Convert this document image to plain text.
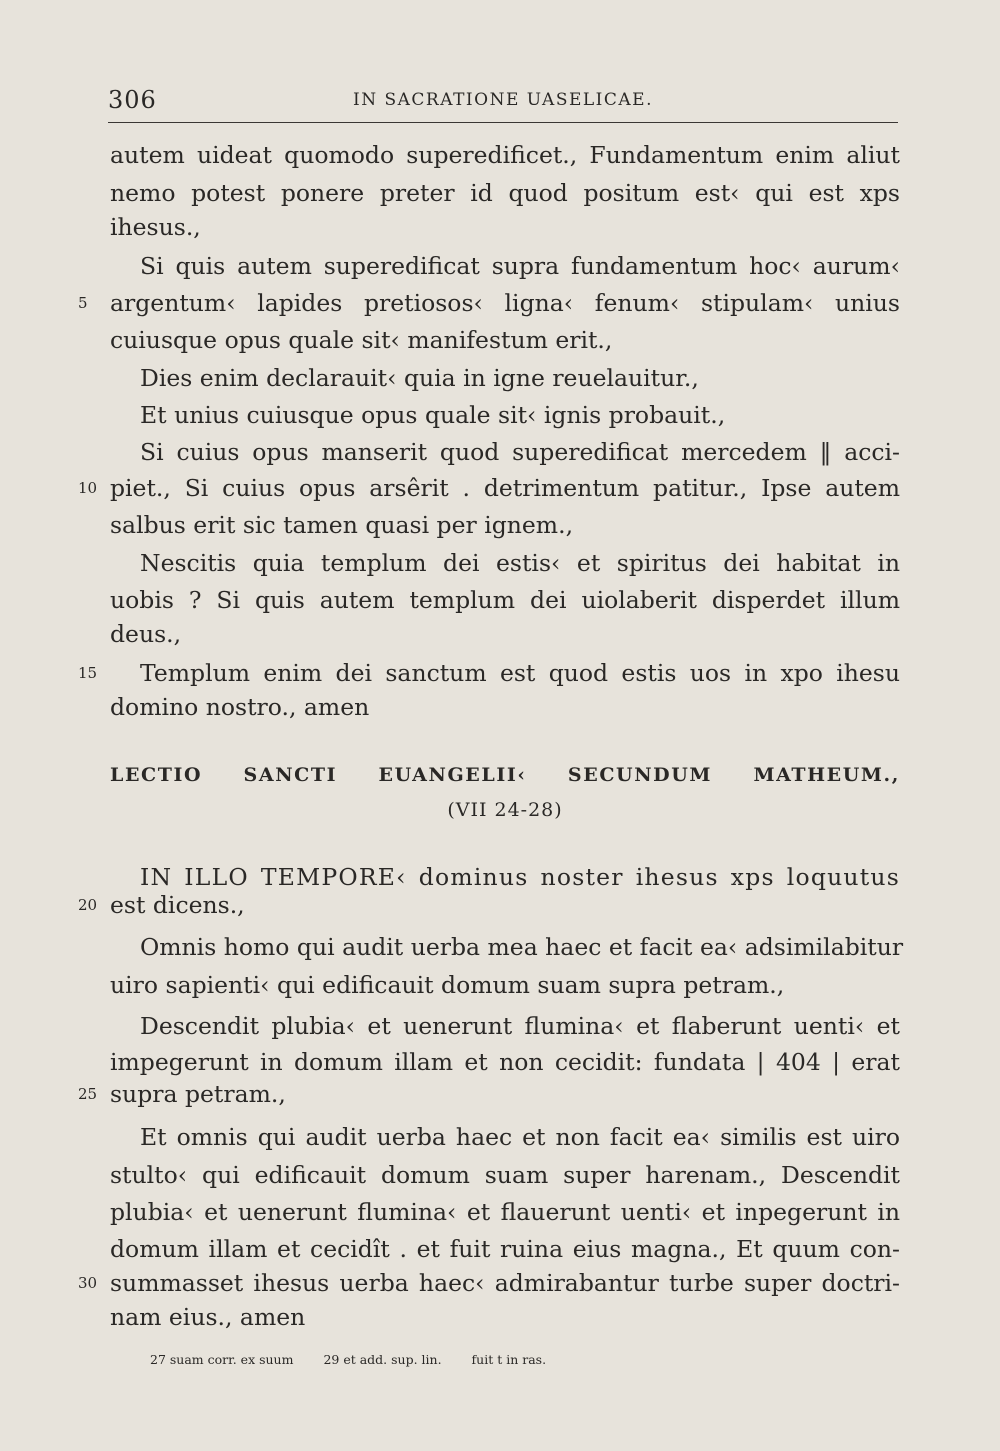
306	IN SACRATIONE UASELICAE.
autem uideat quomodo superedificet., Fundamentum enim aliut
nemo potest ponere preter id quod positum est‹ qui est xps
ihesus.,
Si quis autem superedificat supra fundamentum hoc‹ aurum‹
5 argentum‹ lapides pretiosos‹ ligna‹ fenum‹ stipulam‹ unius
cuiusque opus quale sit‹ manifestum erit.,
Dies enim declarauit‹ quia in igne reuelauitur.,
Et unius cuiusque opus quale sit‹ ignis probauit.,
Si cuius opus manserit quod superedificat mercedem ‖ acci-
10 piet., Si cuius opus arsêrit . detrimentum patitur., Ipse autem
salbus erit sic tamen quasi per ignem.,
Nescitis quia templum dei estis‹ et spiritus dei habitat in
uobis ? Si quis autem templum dei uiolaberit disperdet illum
deus.,
15 Templum enim dei sanctum est quod estis uos in xpo ihesu
domino nostro., amen
LECTIO SANCTI EUANGELII‹ SECUNDUM MATHEUM.,
(VII 24-28)
IN ILLO TEMPORE‹ dominus noster ihesus xps loquutus
20 est dicens.,
Omnis homo qui audit uerba mea haec et facit ea‹ adsimilabitur
uiro sapienti‹ qui edificauit domum suam supra petram.,
Descendit plubia‹ et uenerunt flumina‹ et flaberunt uenti‹ et
impegerunt in domum illam et non cecidit: fundata | 404 | erat
25 supra petram.,
Et omnis qui audit uerba haec et non facit ea‹ similis est uiro
stulto‹ qui edificauit domum suam super harenam., Descendit
plubia‹ et uenerunt flumina‹ et flauerunt uenti‹ et inpegerunt in
domum illam et cecidît . et fuit ruina eius magna., Et quum con-
30 summasset ihesus uerba haec‹ admirabantur turbe super doctri-
nam eius., amen
27 suam corr. ex suum 29 et add. sup. lin. fuit t in ras.
